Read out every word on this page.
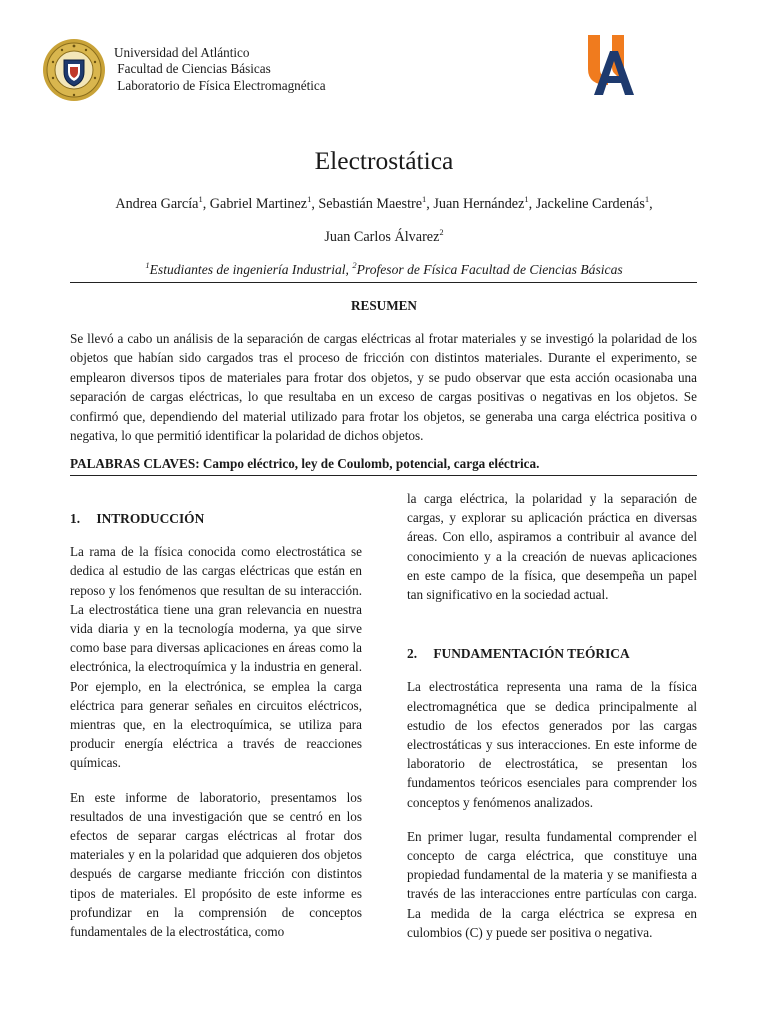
Universidad del Atlántico
Facultad de Ciencias Básicas
Laboratorio de Física Electromagnética
Electrostática
Andrea García$^1$, Gabriel Martinez$^1$, Sebastián Maestre$^1$, Juan Hernández$^1$, Jackeline Cardenás$^1$,
Juan Carlos Álvarez$^2$
$^1$Estudiantes de ingeniería Industrial, $^2$Profesor de Física Facultad de Ciencias Básicas
RESUMEN

Se llevó a cabo un análisis de la separación de cargas eléctricas al frotar materiales y se investigó la polaridad de los objetos que habían sido cargados tras el proceso de fricción con distintos materiales. Durante el experimento, se emplearon diversos tipos de materiales para frotar dos objetos, y se pudo observar que esta acción ocasionaba una separación de cargas eléctricas, lo que resultaba en un exceso de cargas positivas o negativas en los objetos. Se confirmó que, dependiendo del material utilizado para frotar los objetos, se generaba una carga eléctrica positiva o negativa, lo que permitió identificar la polaridad de dichos objetos.

PALABRAS CLAVES: Campo eléctrico, ley de Coulomb, potencial, carga eléctrica.

1. INTRODUCCIÓN

La rama de la física conocida como electrostática se dedica al estudio de las cargas eléctricas que están en reposo y los fenómenos que resultan de su interacción. La electrostática tiene una gran relevancia en nuestra vida diaria y en la tecnología moderna, ya que sirve como base para diversas aplicaciones en áreas como la electrónica, la electroquímica y la industria en general. Por ejemplo, en la electrónica, se emplea la carga eléctrica para generar señales en circuitos eléctricos, mientras que, en la electroquímica, se utiliza para producir energía eléctrica a través de reacciones químicas.

En este informe de laboratorio, presentamos los resultados de una investigación que se centró en los efectos de separar cargas eléctricas al frotar dos materiales y en la polaridad que adquieren dos objetos después de cargarse mediante fricción con distintos tipos de materiales. El propósito de este informe es profundizar en la comprensión de conceptos fundamentales de la electrostática, como

la carga eléctrica, la polaridad y la separación de cargas, y explorar su aplicación práctica en diversas áreas. Con ello, aspiramos a contribuir al avance del conocimiento y a la creación de nuevas aplicaciones en este campo de la física, que desempeña un papel tan significativo en la sociedad actual.

2. FUNDAMENTACIÓN TEÓRICA

La electrostática representa una rama de la física electromagnética que se dedica principalmente al estudio de los efectos generados por las cargas electrostáticas y sus interacciones. En este informe de laboratorio de electrostática, se presentan los fundamentos teóricos esenciales para comprender los conceptos y fenómenos analizados.

En primer lugar, resulta fundamental comprender el concepto de carga eléctrica, que constituye una propiedad fundamental de la materia y se manifiesta a través de las interacciones entre partículas con carga. La medida de la carga eléctrica se expresa en culombios (C) y puede ser positiva o negativa.
